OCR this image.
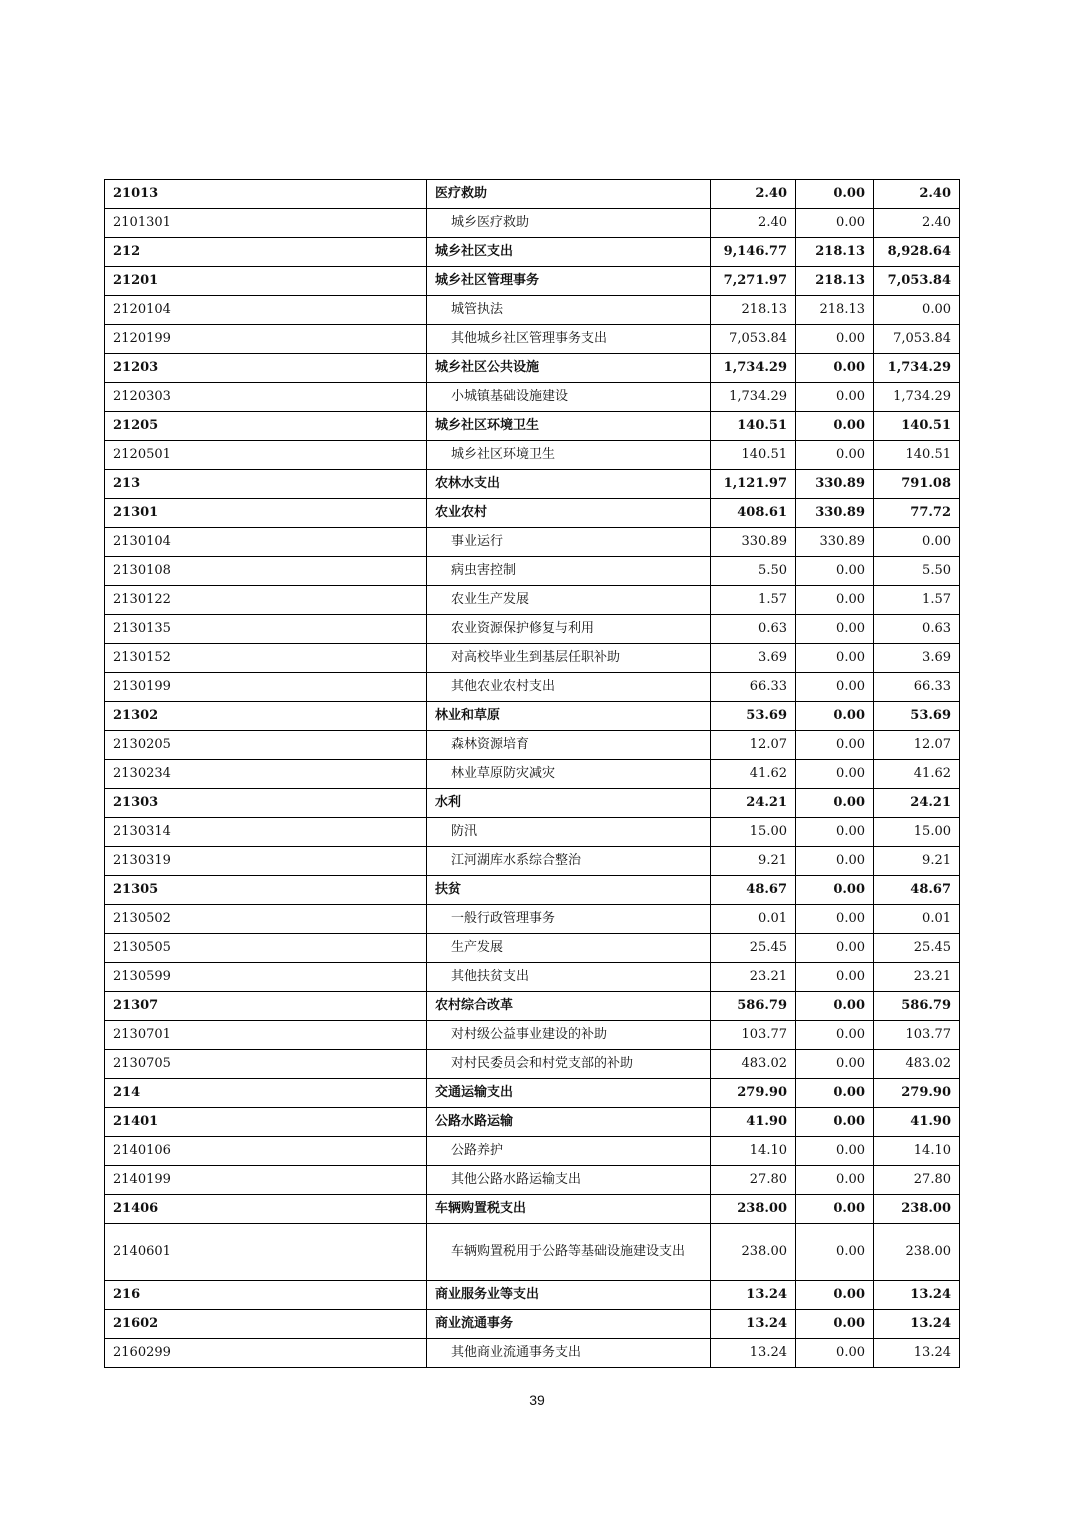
21013	医疗救助	2.40	0.00	2.40
2101301	城乡医疗救助	2.40	0.00	2.40
212	城乡社区支出	9,146.77	218.13	8,928.64
21201	城乡社区管理事务	7,271.97	218.13	7,053.84
2120104	城管执法	218.13	218.13	0.00
2120199	其他城乡社区管理事务支出	7,053.84	0.00	7,053.84
21203	城乡社区公共设施	1,734.29	0.00	1,734.29
2120303	小城镇基础设施建设	1,734.29	0.00	1,734.29
21205	城乡社区环境卫生	140.51	0.00	140.51
2120501	城乡社区环境卫生	140.51	0.00	140.51
213	农林水支出	1,121.97	330.89	791.08
21301	农业农村	408.61	330.89	77.72
2130104	事业运行	330.89	330.89	0.00
2130108	病虫害控制	5.50	0.00	5.50
2130122	农业生产发展	1.57	0.00	1.57
2130135	农业资源保护修复与利用	0.63	0.00	0.63
2130152	对高校毕业生到基层任职补助	3.69	0.00	3.69
2130199	其他农业农村支出	66.33	0.00	66.33
21302	林业和草原	53.69	0.00	53.69
2130205	森林资源培育	12.07	0.00	12.07
2130234	林业草原防灾减灾	41.62	0.00	41.62
21303	水利	24.21	0.00	24.21
2130314	防汛	15.00	0.00	15.00
2130319	江河湖库水系综合整治	9.21	0.00	9.21
21305	扶贫	48.67	0.00	48.67
2130502	一般行政管理事务	0.01	0.00	0.01
2130505	生产发展	25.45	0.00	25.45
2130599	其他扶贫支出	23.21	0.00	23.21
21307	农村综合改革	586.79	0.00	586.79
2130701	对村级公益事业建设的补助	103.77	0.00	103.77
2130705	对村民委员会和村党支部的补助	483.02	0.00	483.02
214	交通运输支出	279.90	0.00	279.90
21401	公路水路运输	41.90	0.00	41.90
2140106	公路养护	14.10	0.00	14.10
2140199	其他公路水路运输支出	27.80	0.00	27.80
21406	车辆购置税支出	238.00	0.00	238.00
2140601	车辆购置税用于公路等基础设施建设支出	238.00	0.00	238.00
216	商业服务业等支出	13.24	0.00	13.24
21602	商业流通事务	13.24	0.00	13.24
2160299	其他商业流通事务支出	13.24	0.00	13.24
39
